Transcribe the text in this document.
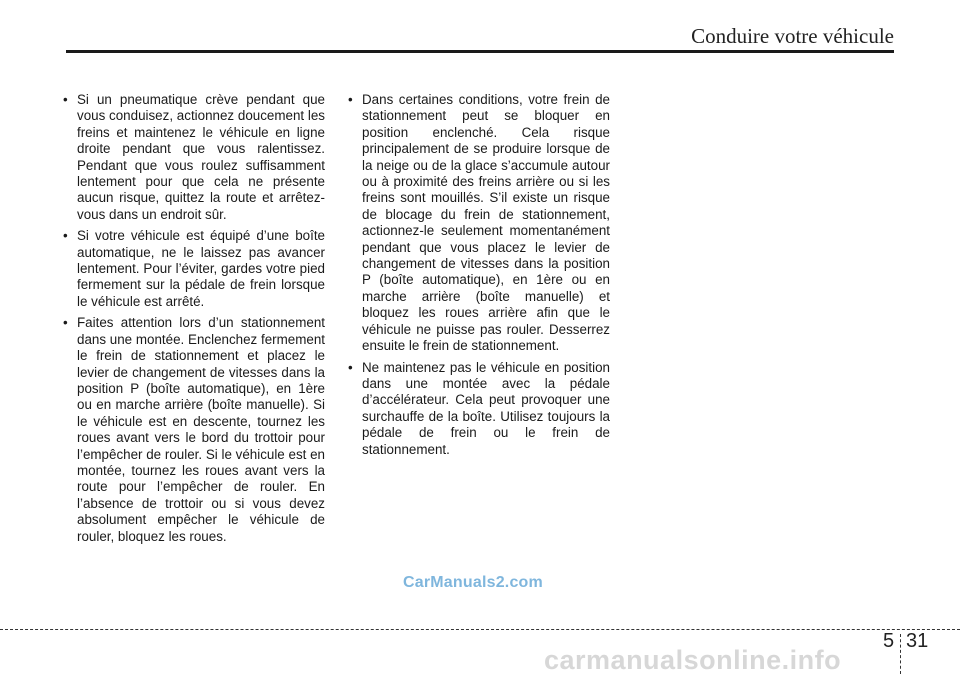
Conduire votre véhicule
• Si un pneumatique crève pendant que vous conduisez, actionnez doucement les freins et maintenez le véhicule en ligne droite pendant que vous ralentissez. Pendant que vous roulez suffisamment lentement pour que cela ne présente aucun risque, quittez la route et arrêtez-vous dans un endroit sûr.
• Si votre véhicule est équipé d’une boîte automatique, ne le laissez pas avancer lentement. Pour l’éviter, gardes votre pied fermement sur la pédale de frein lorsque le véhicule est arrêté.
• Faites attention lors d’un stationnement dans une montée. Enclenchez fermement le frein de stationnement et placez le levier de changement de vitesses dans la position P (boîte automatique), en 1ère ou en marche arrière (boîte manuelle). Si le véhicule est en descente, tournez les roues avant vers le bord du trottoir pour l’empêcher de rouler. Si le véhicule est en montée, tournez les roues avant vers la route pour l’empêcher de rouler. En l’absence de trottoir ou si vous devez absolument empêcher le véhicule de rouler, bloquez les roues.
• Dans certaines conditions, votre frein de stationnement peut se bloquer en position enclenché. Cela risque principalement de se produire lorsque de la neige ou de la glace s’accumule autour ou à proximité des freins arrière ou si les freins sont mouillés. S’il existe un risque de blocage du frein de stationnement, actionnez-le seulement momentanément pendant que vous placez le levier de changement de vitesses dans la position P (boîte automatique), en 1ère ou en marche arrière (boîte manuelle) et bloquez les roues arrière afin que le véhicule ne puisse pas rouler. Desserrez ensuite le frein de stationnement.
• Ne maintenez pas le véhicule en position dans une montée avec la pédale d’accélérateur. Cela peut provoquer une surchauffe de la boîte. Utilisez toujours la pédale de frein ou le frein de stationnement.
CarManuals2.com
5 31
carmanualsonline.info
